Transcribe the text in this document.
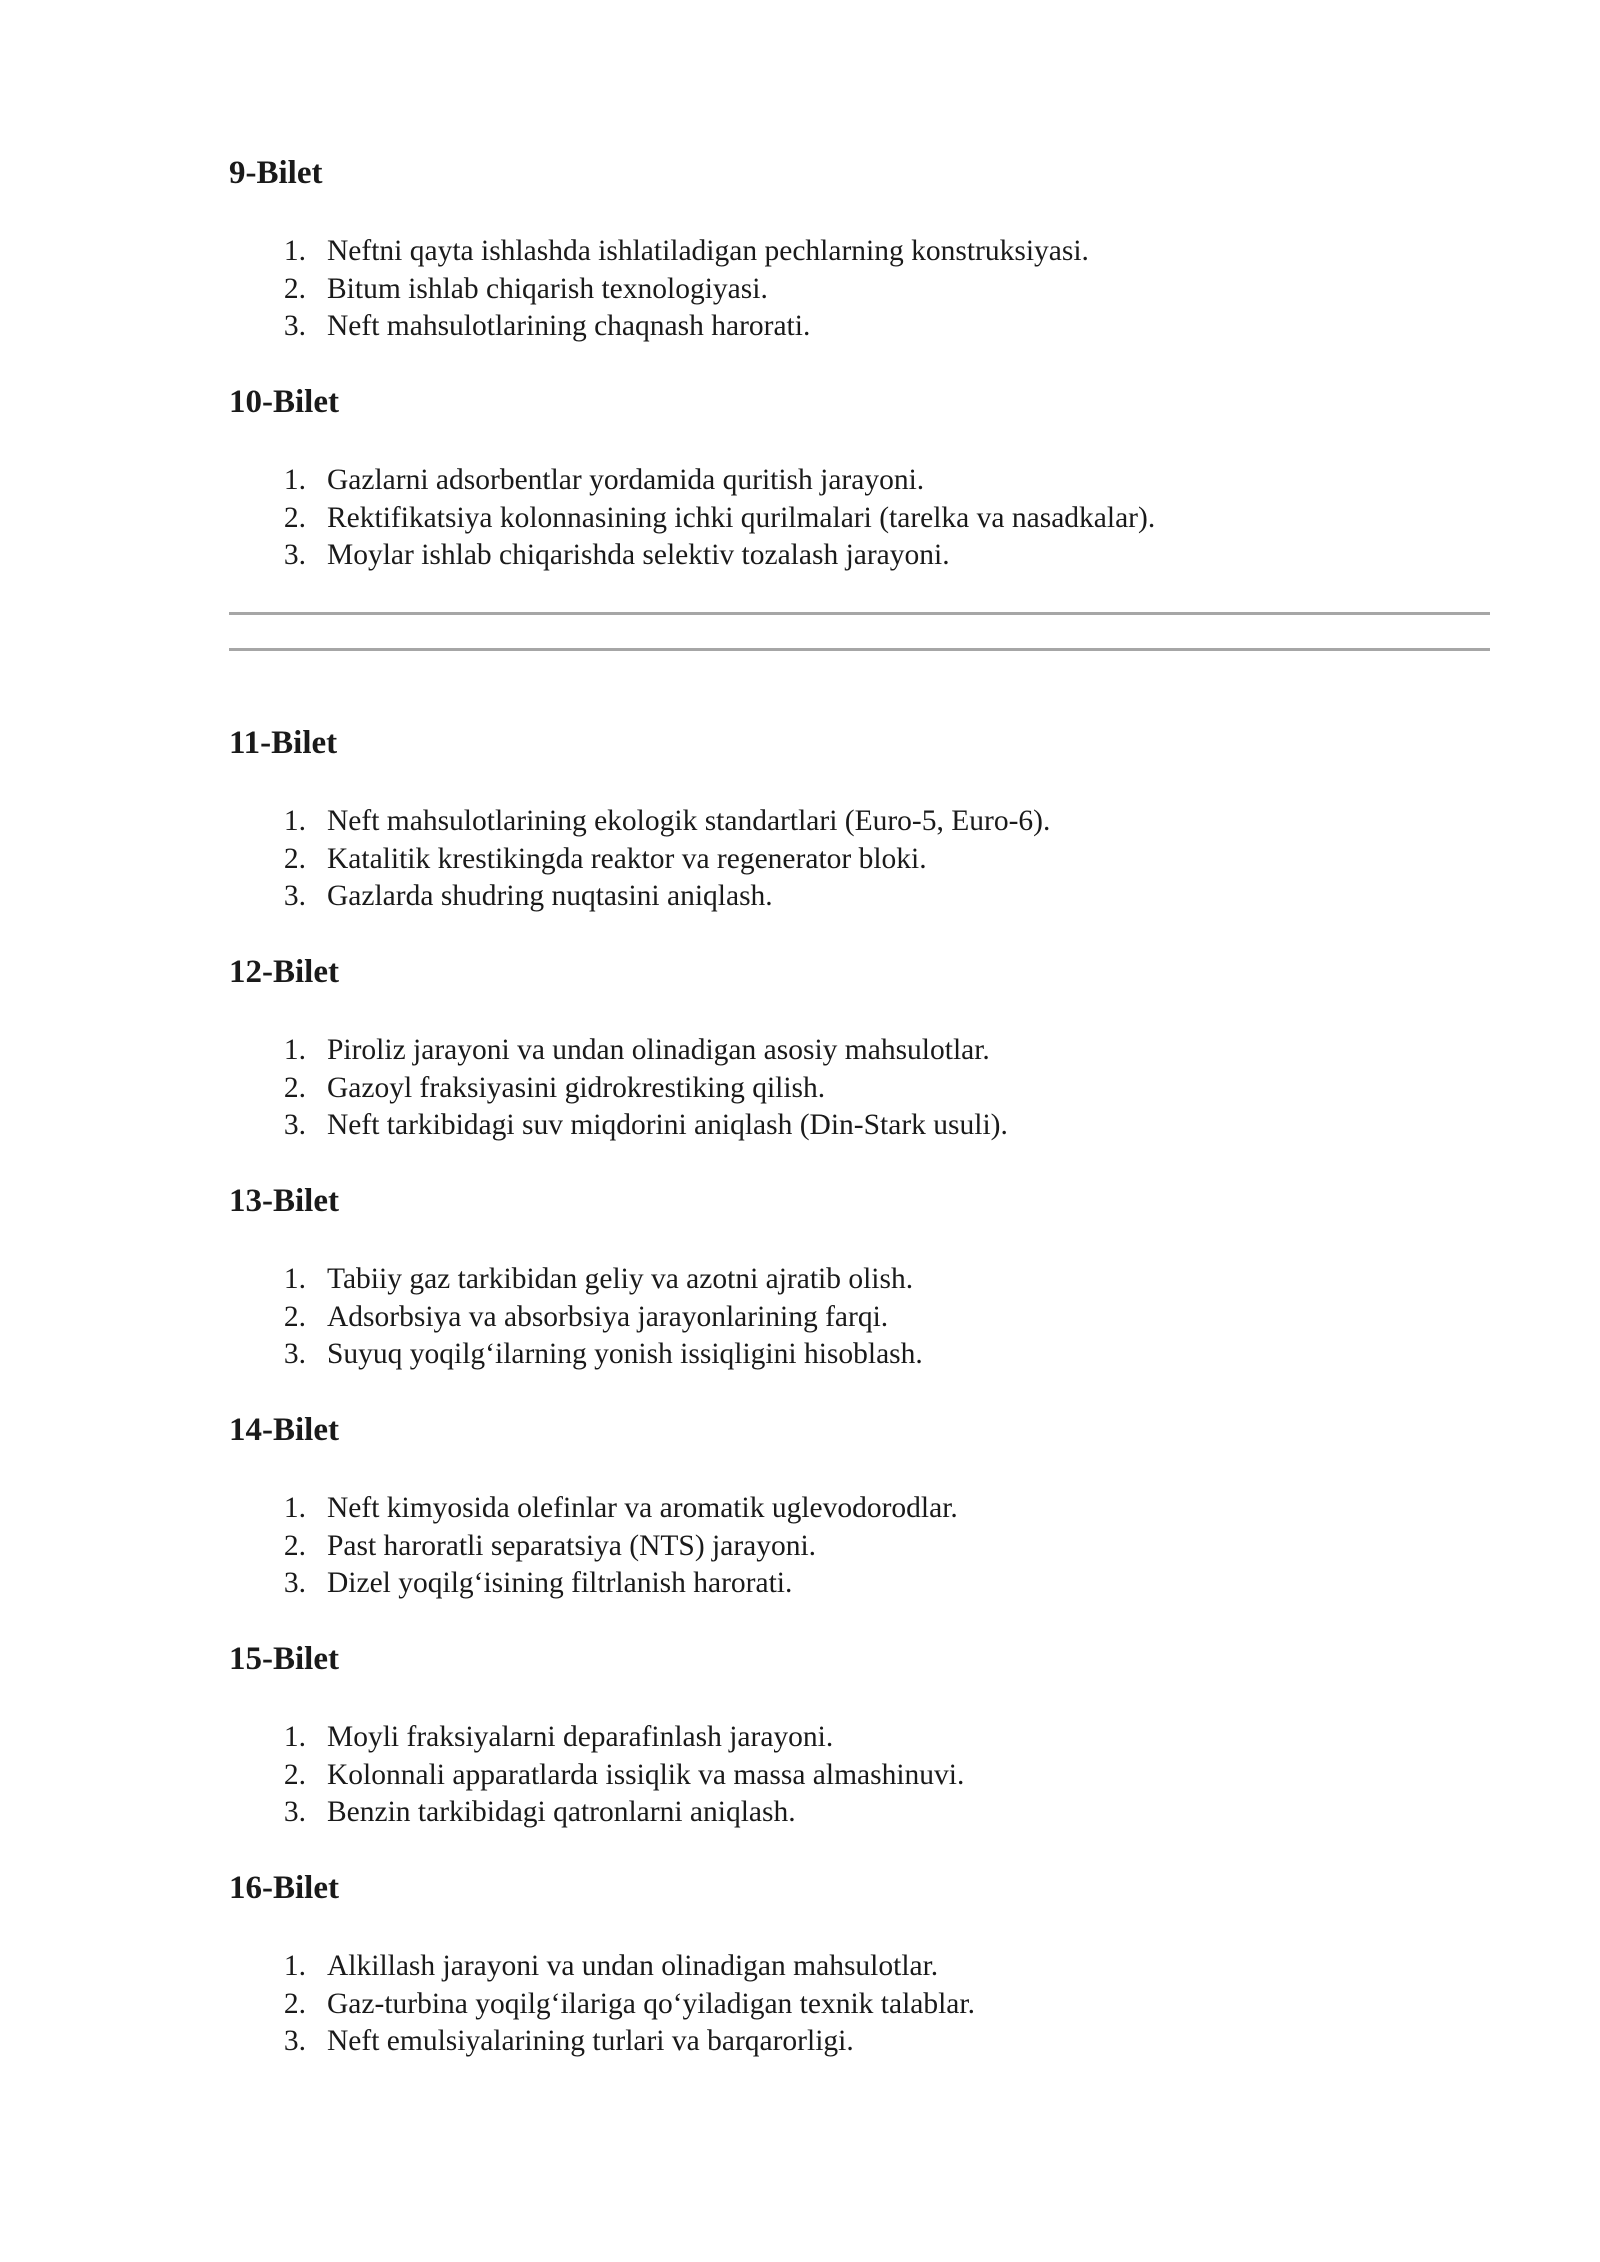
9-Bilet
1. Neftni qayta ishlashda ishlatiladigan pechlarning konstruksiyasi.
2. Bitum ishlab chiqarish texnologiyasi.
3. Neft mahsulotlarining chaqnash harorati.
10-Bilet
1. Gazlarni adsorbentlar yordamida quritish jarayoni.
2. Rektifikatsiya kolonnasining ichki qurilmalari (tarelka va nasadkalar).
3. Moylar ishlab chiqarishda selektiv tozalash jarayoni.
11-Bilet
1. Neft mahsulotlarining ekologik standartlari (Euro-5, Euro-6).
2. Katalitik krestikingda reaktor va regenerator bloki.
3. Gazlarda shudring nuqtasini aniqlash.
12-Bilet
1. Piroliz jarayoni va undan olinadigan asosiy mahsulotlar.
2. Gazoyl fraksiyasini gidrokrestiking qilish.
3. Neft tarkibidagi suv miqdorini aniqlash (Din-Stark usuli).
13-Bilet
1. Tabiiy gaz tarkibidan geliy va azotni ajratib olish.
2. Adsorbsiya va absorbsiya jarayonlarining farqi.
3. Suyuq yoqilg‘ilarning yonish issiqligini hisoblash.
14-Bilet
1. Neft kimyosida olefinlar va aromatik uglevodorodlar.
2. Past haroratli separatsiya (NTS) jarayoni.
3. Dizel yoqilg‘isining filtrlanish harorati.
15-Bilet
1. Moyli fraksiyalarni deparafinlash jarayoni.
2. Kolonnali apparatlarda issiqlik va massa almashinuvi.
3. Benzin tarkibidagi qatronlarni aniqlash.
16-Bilet
1. Alkillash jarayoni va undan olinadigan mahsulotlar.
2. Gaz-turbina yoqilg‘ilariga qo‘yiladigan texnik talablar.
3. Neft emulsiyalarining turlari va barqarorligi.
